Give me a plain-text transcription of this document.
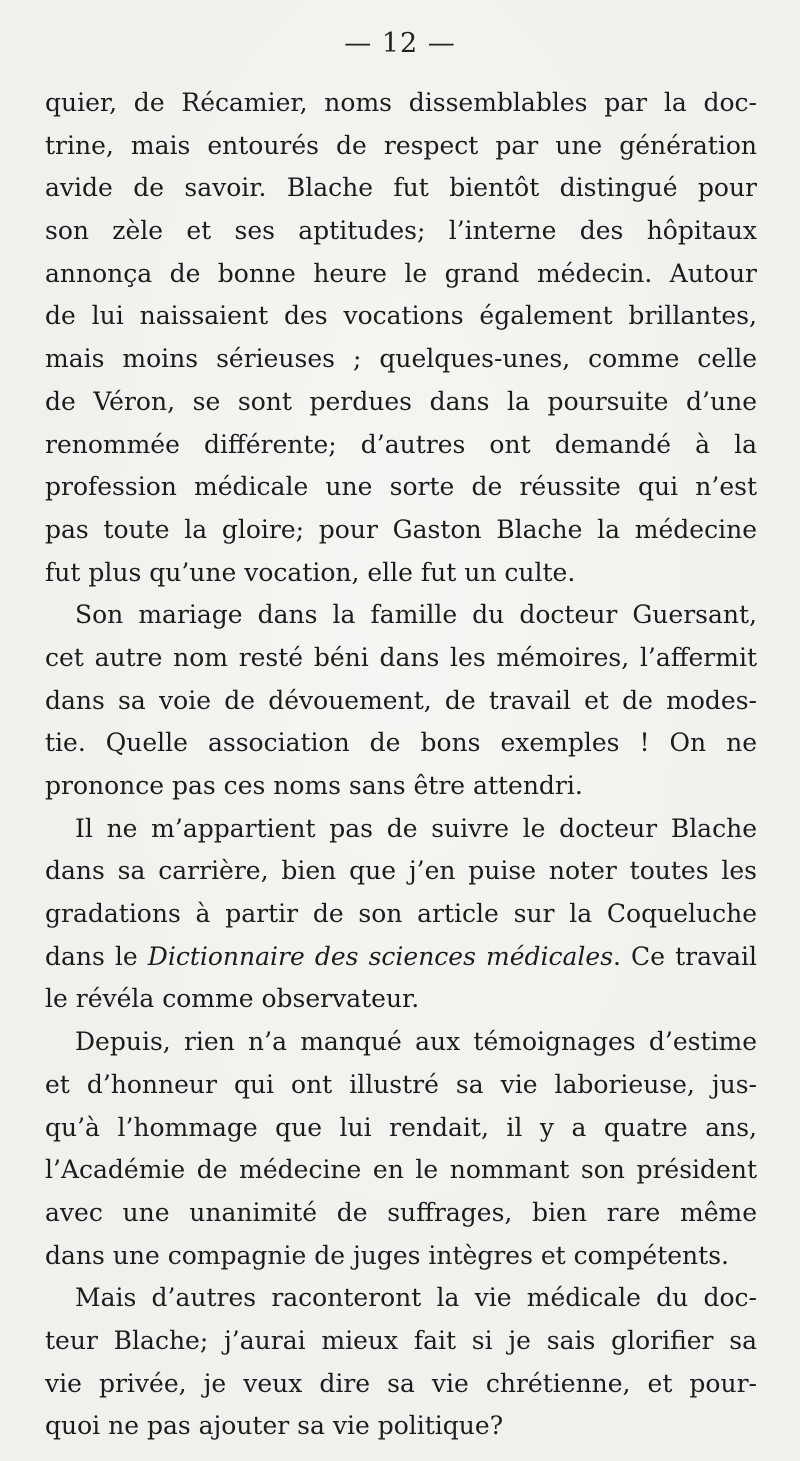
— 12 —
quier, de Récamier, noms dissemblables par la doc-
trine, mais entourés de respect par une génération
avide de savoir. Blache fut bientôt distingué pour
son zèle et ses aptitudes; l’interne des hôpitaux
annonça de bonne heure le grand médecin. Autour
de lui naissaient des vocations également brillantes,
mais moins sérieuses ; quelques-unes, comme celle
de Véron, se sont perdues dans la poursuite d’une
renommée différente; d’autres ont demandé à la
profession médicale une sorte de réussite qui n’est
pas toute la gloire; pour Gaston Blache la médecine
fut plus qu’une vocation, elle fut un culte.
Son mariage dans la famille du docteur Guersant,
cet autre nom resté béni dans les mémoires, l’affermit
dans sa voie de dévouement, de travail et de modes-
tie. Quelle association de bons exemples ! On ne
prononce pas ces noms sans être attendri.
Il ne m’appartient pas de suivre le docteur Blache
dans sa carrière, bien que j’en puise noter toutes les
gradations à partir de son article sur la Coqueluche
dans le Dictionnaire des sciences médicales. Ce travail
le révéla comme observateur.
Depuis, rien n’a manqué aux témoignages d’estime
et d’honneur qui ont illustré sa vie laborieuse, jus-
qu’à l’hommage que lui rendait, il y a quatre ans,
l’Académie de médecine en le nommant son président
avec une unanimité de suffrages, bien rare même
dans une compagnie de juges intègres et compétents.
Mais d’autres raconteront la vie médicale du doc-
teur Blache; j’aurai mieux fait si je sais glorifier sa
vie privée, je veux dire sa vie chrétienne, et pour-
quoi ne pas ajouter sa vie politique?
